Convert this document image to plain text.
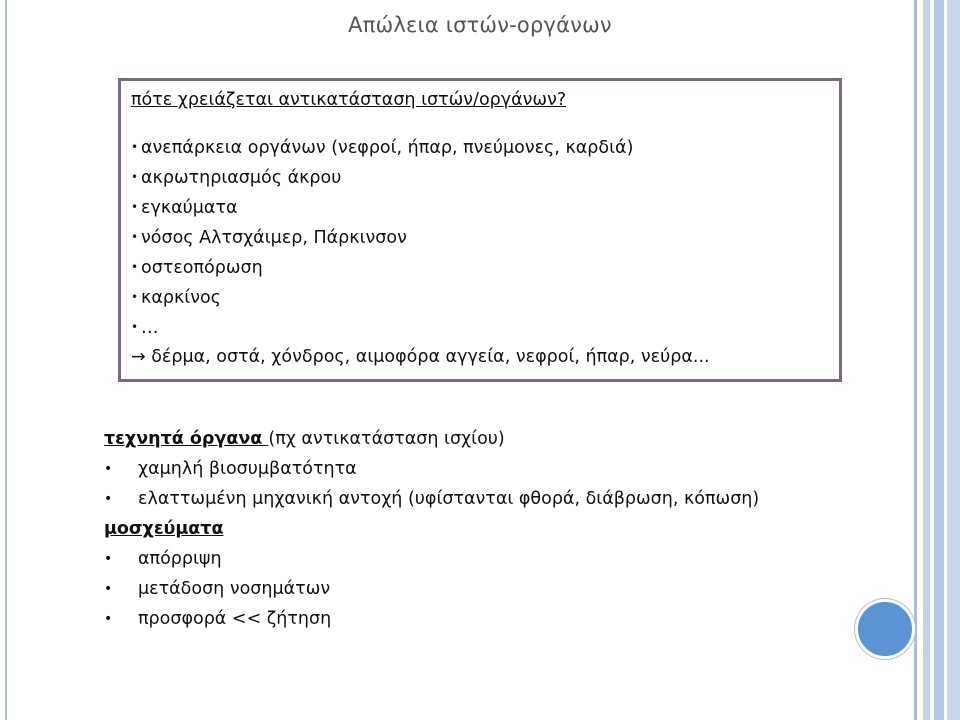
Απώλεια ιστών-οργάνων
πότε χρειάζεται αντικατάσταση ιστών/οργάνων?
• ανεπάρκεια οργάνων (νεφροί, ήπαρ, πνεύμονες, καρδιά)
• ακρωτηριασμός άκρου
• εγκαύματα
• νόσος Αλτσχάιμερ, Πάρκινσον
• οστεοπόρωση
• καρκίνος
• …
→ δέρμα, οστά, χόνδρος, αιμοφόρα αγγεία, νεφροί, ήπαρ, νεύρα...
τεχνητά όργανα (πχ αντικατάσταση ισχίου)
• χαμηλή βιοσυμβατότητα
• ελαττωμένη μηχανική αντοχή (υφίστανται φθορά, διάβρωση, κόπωση)
μοσχεύματα
• απόρριψη
• μετάδοση νοσημάτων
• προσφορά << ζήτηση
